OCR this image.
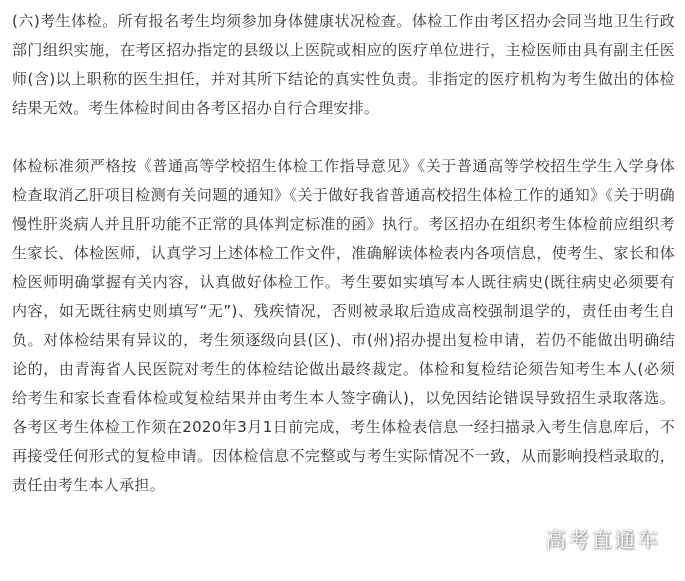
(六)考生体检。所有报名考生均须参加身体健康状况检查。体检工作由考区招办会同当地卫生行政部门组织实施，在考区招办指定的县级以上医院或相应的医疗单位进行，主检医师由具有副主任医师(含)以上职称的医生担任，并对其所下结论的真实性负责。非指定的医疗机构为考生做出的体检结果无效。考生体检时间由各考区招办自行合理安排。

体检标准须严格按《普通高等学校招生体检工作指导意见》《关于普通高等学校招生学生入学身体检查取消乙肝项目检测有关问题的通知》《关于做好我省普通高校招生体检工作的通知》《关于明确慢性肝炎病人并且肝功能不正常的具体判定标准的函》执行。考区招办在组织考生体检前应组织考生家长、体检医师，认真学习上述体检工作文件，准确解读体检表内各项信息，使考生、家长和体检医师明确掌握有关内容，认真做好体检工作。考生要如实填写本人既往病史(既往病史必须要有内容，如无既往病史则填写“无”)、残疾情况，否则被录取后造成高校强制退学的，责任由考生自负。对体检结果有异议的，考生须逐级向县(区)、市(州)招办提出复检申请，若仍不能做出明确结论的，由青海省人民医院对考生的体检结论做出最终裁定。体检和复检结论须告知考生本人(必须给考生和家长查看体检或复检结果并由考生本人签字确认)，以免因结论错误导致招生录取落选。各考区考生体检工作须在2020年3月1日前完成，考生体检表信息一经扫描录入考生信息库后，不再接受任何形式的复检申请。因体检信息不完整或与考生实际情况不一致，从而影响投档录取的，责任由考生本人承担。

高考直通车
